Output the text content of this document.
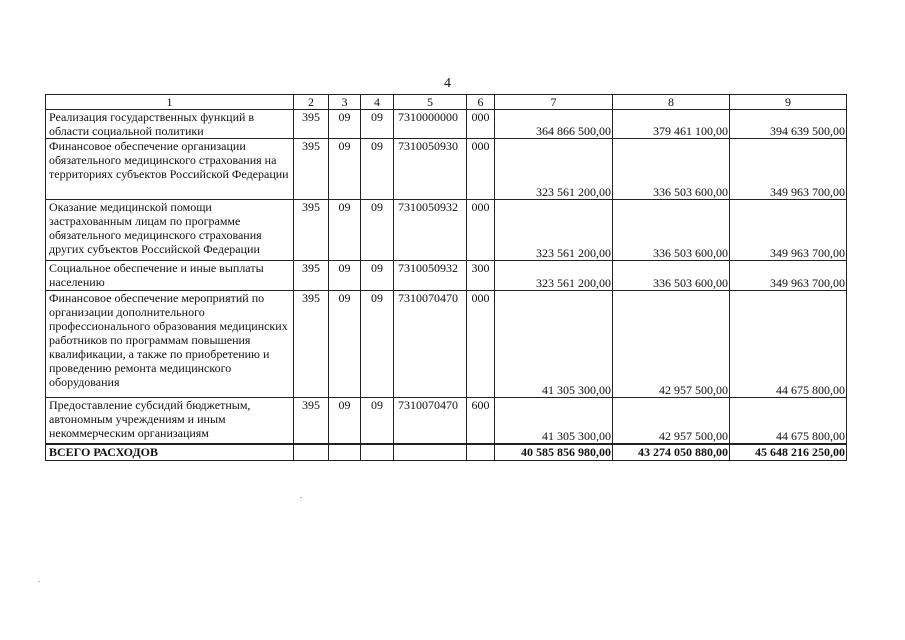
4
1	2	3	4	5	6	7	8	9
Реализация государственных функций в области социальной политики	395	09	09	7310000000	000	364 866 500,00	379 461 100,00	394 639 500,00
Финансовое обеспечение организации обязательного медицинского страхования на территориях субъектов Российской Федерации	395	09	09	7310050930	000	323 561 200,00	336 503 600,00	349 963 700,00
Оказание медицинской помощи застрахованным лицам по программе обязательного медицинского страхования других субъектов Российской Федерации	395	09	09	7310050932	000	323 561 200,00	336 503 600,00	349 963 700,00
Социальное обеспечение и иные выплаты населению	395	09	09	7310050932	300	323 561 200,00	336 503 600,00	349 963 700,00
Финансовое обеспечение мероприятий по организации дополнительного профессионального образования медицинских работников по программам повышения квалификации, а также по приобретению и проведению ремонта медицинского оборудования	395	09	09	7310070470	000	41 305 300,00	42 957 500,00	44 675 800,00
Предоставление субсидий бюджетным, автономным учреждениям и иным некоммерческим организациям	395	09	09	7310070470	600	41 305 300,00	42 957 500,00	44 675 800,00
ВСЕГО РАСХОДОВ						40 585 856 980,00	43 274 050 880,00	45 648 216 250,00
